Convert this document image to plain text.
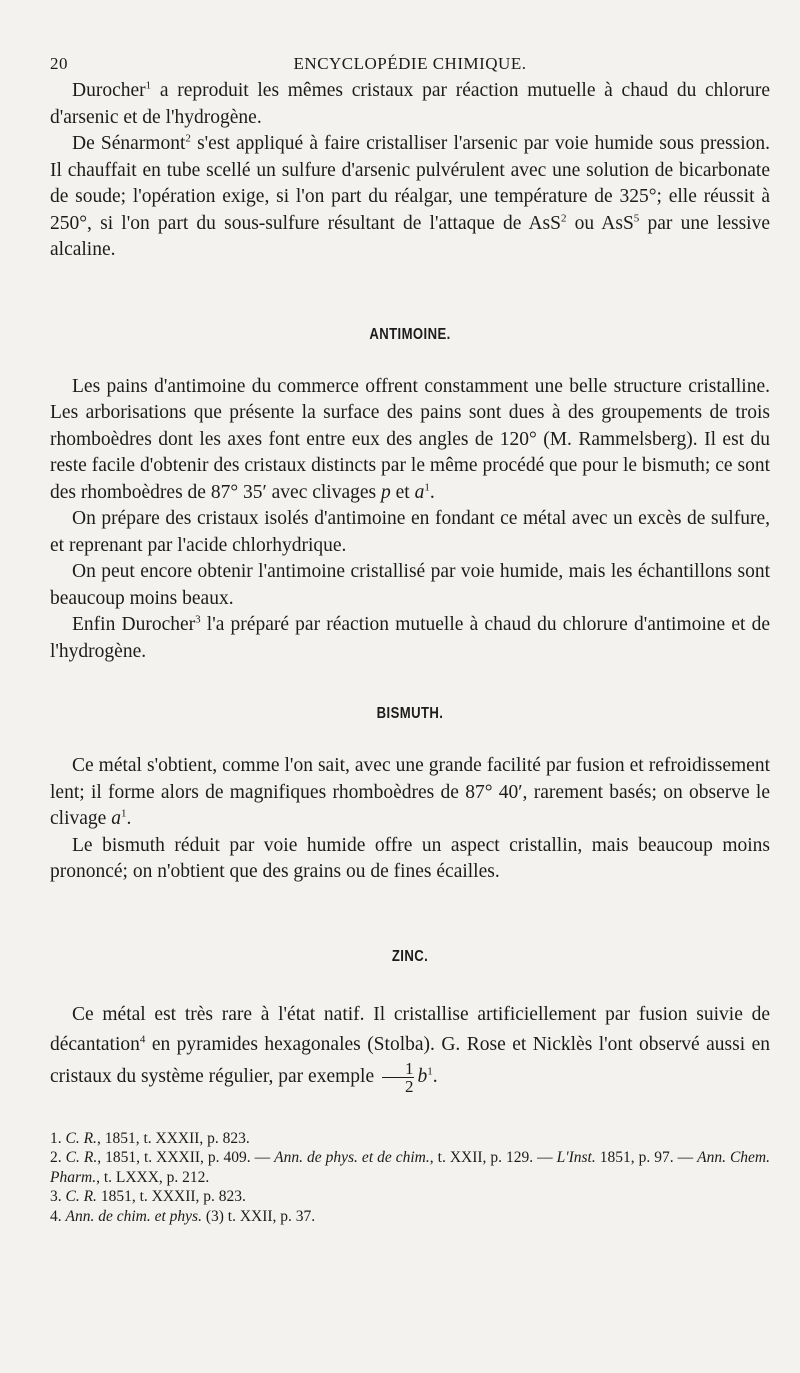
20	ENCYCLOPÉDIE CHIMIQUE.

Durocher$^1$ a reproduit les mêmes cristaux par réaction mutuelle à chaud du chlorure d'arsenic et de l'hydrogène.

De Sénarmont$^2$ s'est appliqué à faire cristalliser l'arsenic par voie humide sous pression. Il chauffait en tube scellé un sulfure d'arsenic pulvérulent avec une solution de bicarbonate de soude; l'opération exige, si l'on part du réalgar, une température de 325°; elle réussit à 250°, si l'on part du sous-sulfure résultant de l'attaque de AsS$^2$ ou AsS$^5$ par une lessive alcaline.

ANTIMOINE.

Les pains d'antimoine du commerce offrent constamment une belle structure cristalline. Les arborisations que présente la surface des pains sont dues à des groupements de trois rhomboèdres dont les axes font entre eux des angles de 120° (M. Rammelsberg). Il est du reste facile d'obtenir des cristaux distincts par le même procédé que pour le bismuth; ce sont des rhomboèdres de 87° 35′ avec clivages p et $a^1$.

On prépare des cristaux isolés d'antimoine en fondant ce métal avec un excès de sulfure, et reprenant par l'acide chlorhydrique.

On peut encore obtenir l'antimoine cristallisé par voie humide, mais les échantillons sont beaucoup moins beaux.

Enfin Durocher$^3$ l'a préparé par réaction mutuelle à chaud du chlorure d'antimoine et de l'hydrogène.

BISMUTH.

Ce métal s'obtient, comme l'on sait, avec une grande facilité par fusion et refroidissement lent; il forme alors de magnifiques rhomboèdres de 87° 40′, rarement basés; on observe le clivage $a^1$.

Le bismuth réduit par voie humide offre un aspect cristallin, mais beaucoup moins prononcé; on n'obtient que des grains ou de fines écailles.

ZINC.

Ce métal est très rare à l'état natif. Il cristallise artificiellement par fusion suivie de décantation$^4$ en pyramides hexagonales (Stolba). G. Rose et Nicklès l'ont observé aussi en cristaux du système régulier, par exemple $\frac{1}{2} b^1$.

1. C. R., 1851, t. XXXII, p. 823.
2. C. R., 1851, t. XXXII, p. 409. — Ann. de phys. et de chim., t. XXII, p. 129. — L'Inst. 1851, p. 97. — Ann. Chem. Pharm., t. LXXX, p. 212.
3. C. R. 1851, t. XXXII, p. 823.
4. Ann. de chim. et phys. (3) t. XXII, p. 37.
